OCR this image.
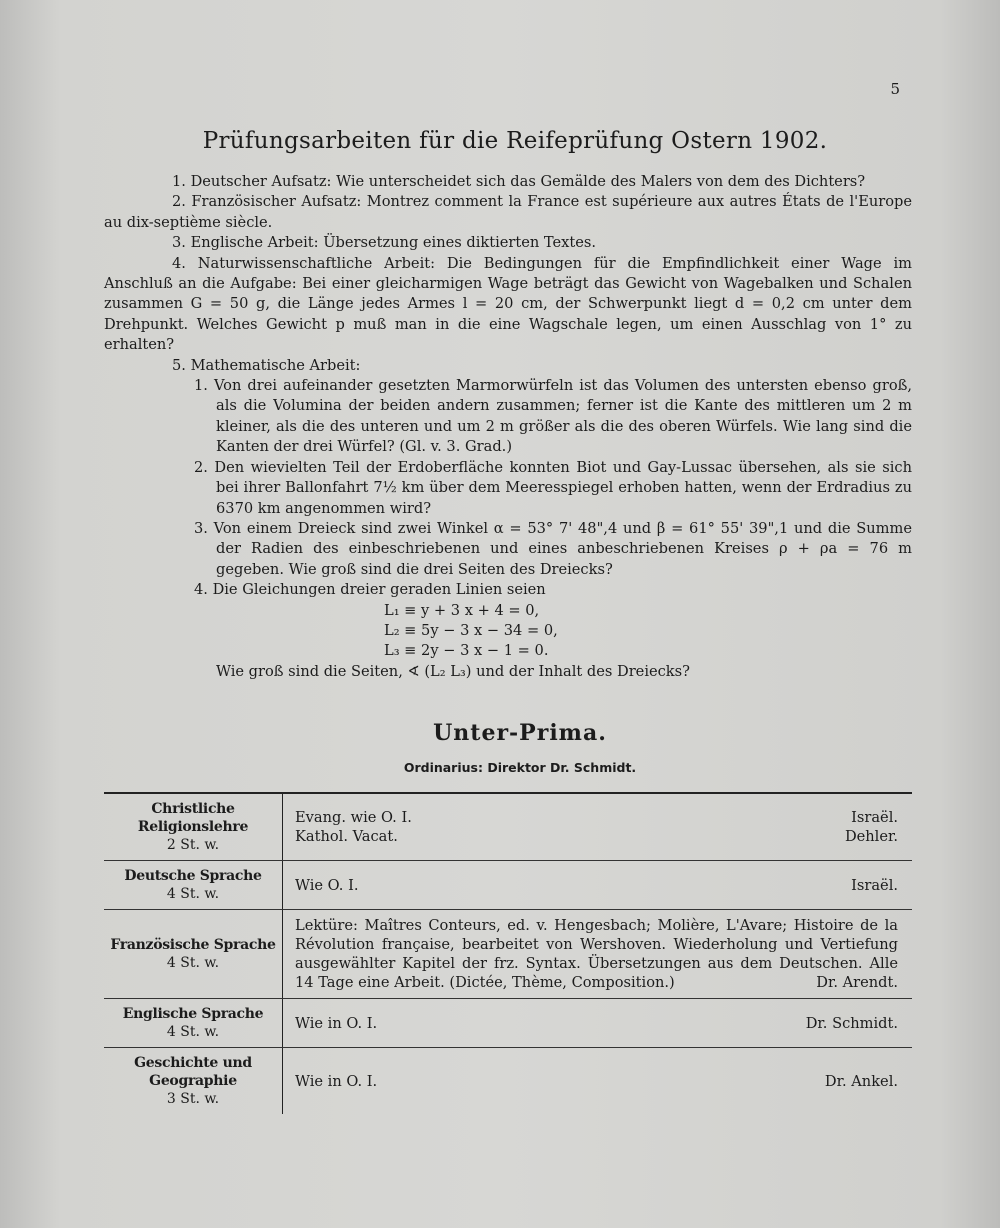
5
Prüfungsarbeiten für die Reifeprüfung Ostern 1902.

1. Deutscher Aufsatz: Wie unterscheidet sich das Gemälde des Malers von dem des Dichters?

2. Französischer Aufsatz: Montrez comment la France est supérieure aux autres États de l'Europe au dix-septième siècle.

3. Englische Arbeit: Übersetzung eines diktierten Textes.

4. Naturwissenschaftliche Arbeit: Die Bedingungen für die Empfindlichkeit einer Wage im Anschluß an die Aufgabe: Bei einer gleicharmigen Wage beträgt das Gewicht von Wagebalken und Schalen zusammen G = 50 g, die Länge jedes Armes l = 20 cm, der Schwerpunkt liegt d = 0,2 cm unter dem Drehpunkt. Welches Gewicht p muß man in die eine Wagschale legen, um einen Ausschlag von 1° zu erhalten?

5. Mathematische Arbeit:

1. Von drei aufeinander gesetzten Marmorwürfeln ist das Volumen des untersten ebenso groß, als die Volumina der beiden andern zusammen; ferner ist die Kante des mittleren um 2 m kleiner, als die des unteren und um 2 m größer als die des oberen Würfels. Wie lang sind die Kanten der drei Würfel? (Gl. v. 3. Grad.)

2. Den wievielten Teil der Erdoberfläche konnten Biot und Gay-Lussac übersehen, als sie sich bei ihrer Ballonfahrt 7½ km über dem Meeresspiegel erhoben hatten, wenn der Erdradius zu 6370 km angenommen wird?

3. Von einem Dreieck sind zwei Winkel α = 53° 7' 48",4 und β = 61° 55' 39",1 und die Summe der Radien des einbeschriebenen und eines anbeschriebenen Kreises ρ + ρa = 76 m gegeben. Wie groß sind die drei Seiten des Dreiecks?

4. Die Gleichungen dreier geraden Linien seien

L₁ ≡ y + 3 x + 4 = 0,
L₂ ≡ 5y − 3 x − 34 = 0,
L₃ ≡ 2y − 3 x − 1 = 0.

Wie groß sind die Seiten, ∢ (L₂ L₃) und der Inhalt des Dreiecks?

Unter-Prima.
Ordinarius: Direktor Dr. Schmidt.
Christliche Religionslehre
2 St. w.
Evang. wie O. I.	Israël.
Kathol. Vacat.	Dehler.
Deutsche Sprache
4 St. w.
Wie O. I.	Israël.
Französische Sprache
4 St. w.
Lektüre: Maîtres Conteurs, ed. v. Hengesbach; Molière, L'Avare; Histoire de la Révolution française, bearbeitet von Wershoven. Wiederholung und Vertiefung ausgewählter Kapitel der frz. Syntax. Übersetzungen aus dem Deutschen. Alle 14 Tage eine Arbeit. (Dictée, Thème, Composition.)	Dr. Arendt.
Englische Sprache
4 St. w.
Wie in O. I.	Dr. Schmidt.
Geschichte und Geographie
3 St. w.
Wie in O. I.	Dr. Ankel.
